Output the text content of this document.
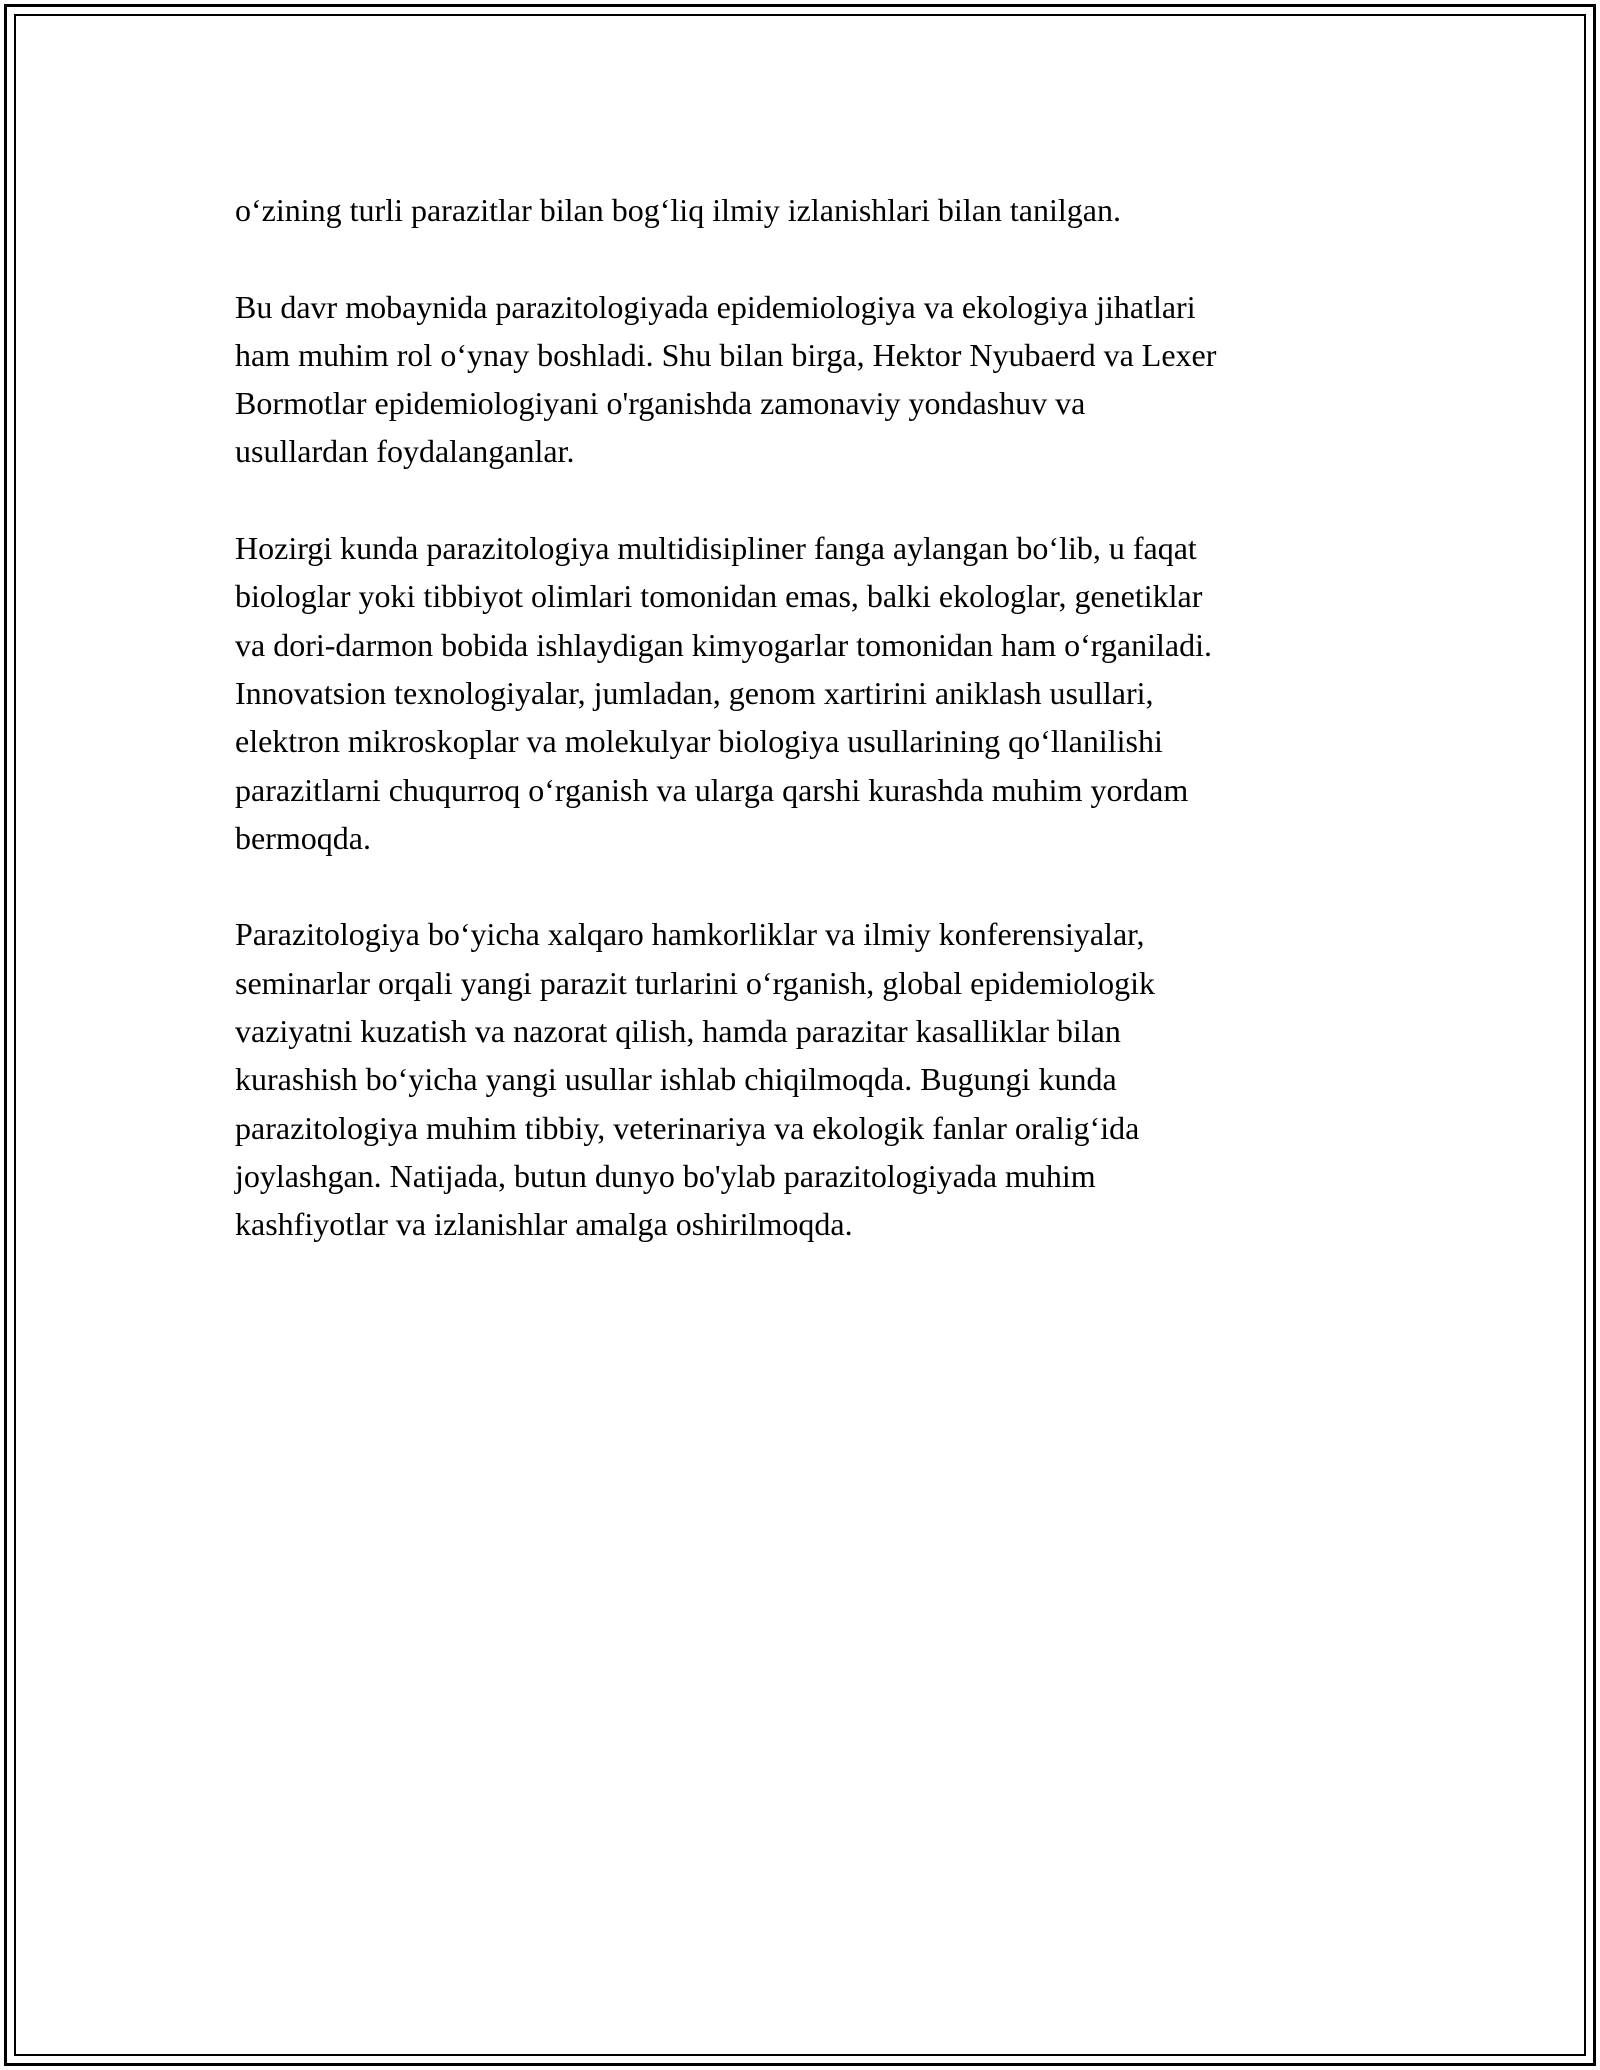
o‘zining turli parazitlar bilan bog‘liq ilmiy izlanishlari bilan tanilgan.

Bu davr mobaynida parazitologiyada epidemiologiya va ekologiya jihatlari
ham muhim rol o‘ynay boshladi. Shu bilan birga, Hektor Nyubaerd va Lexer
Bormotlar epidemiologiyani o'rganishda zamonaviy yondashuv va
usullardan foydalanganlar.

Hozirgi kunda parazitologiya multidisipliner fanga aylangan bo‘lib, u faqat
biologlar yoki tibbiyot olimlari tomonidan emas, balki ekologlar, genetiklar
va dori-darmon bobida ishlaydigan kimyogarlar tomonidan ham o‘rganiladi.
Innovatsion texnologiyalar, jumladan, genom xartirini aniklash usullari,
elektron mikroskoplar va molekulyar biologiya usullarining qo‘llanilishi
parazitlarni chuqurroq o‘rganish va ularga qarshi kurashda muhim yordam
bermoqda.

Parazitologiya bo‘yicha xalqaro hamkorliklar va ilmiy konferensiyalar,
seminarlar orqali yangi parazit turlarini o‘rganish, global epidemiologik
vaziyatni kuzatish va nazorat qilish, hamda parazitar kasalliklar bilan
kurashish bo‘yicha yangi usullar ishlab chiqilmoqda. Bugungi kunda
parazitologiya muhim tibbiy, veterinariya va ekologik fanlar oralig‘ida
joylashgan. Natijada, butun dunyo bo'ylab parazitologiyada muhim
kashfiyotlar va izlanishlar amalga oshirilmoqda.
